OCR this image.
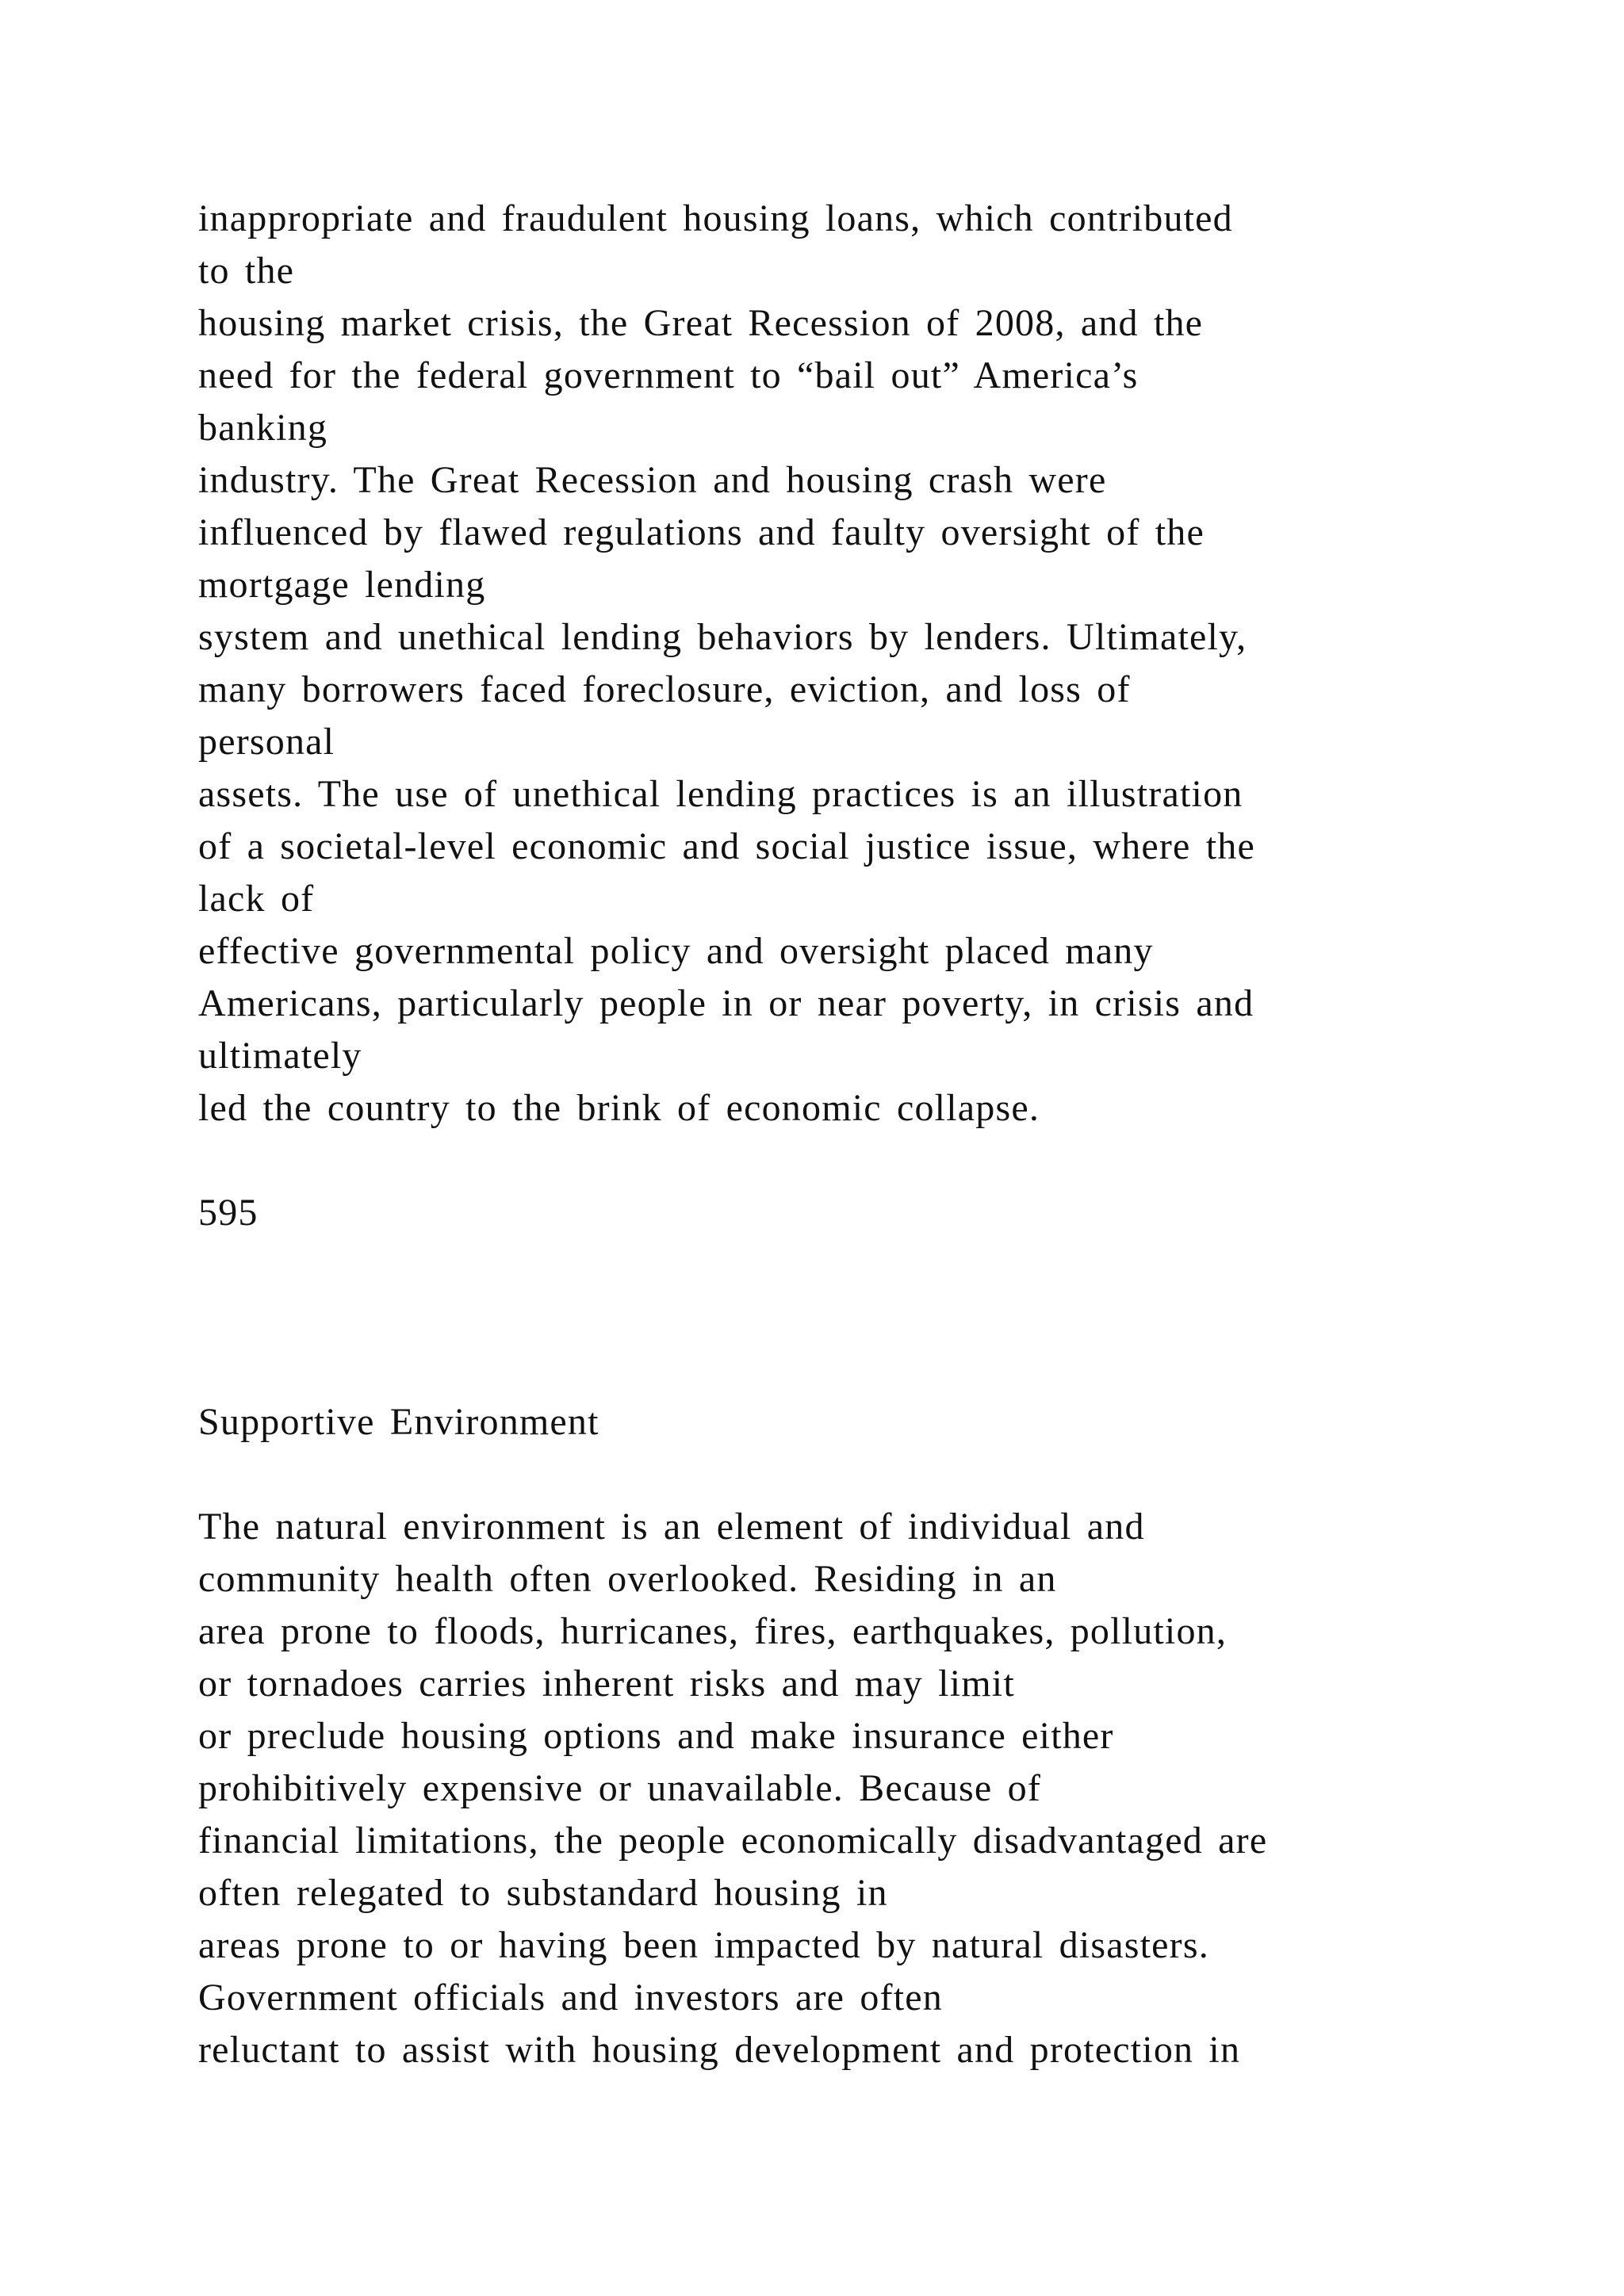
inappropriate and fraudulent housing loans, which contributed
to the
housing market crisis, the Great Recession of 2008, and the
need for the federal government to “bail out” America’s
banking
industry. The Great Recession and housing crash were
influenced by flawed regulations and faulty oversight of the
mortgage lending
system and unethical lending behaviors by lenders. Ultimately,
many borrowers faced foreclosure, eviction, and loss of
personal
assets. The use of unethical lending practices is an illustration
of a societal-level economic and social justice issue, where the
lack of
effective governmental policy and oversight placed many
Americans, particularly people in or near poverty, in crisis and
ultimately
led the country to the brink of economic collapse.
595
Supportive Environment
The natural environment is an element of individual and
community health often overlooked. Residing in an
area prone to floods, hurricanes, fires, earthquakes, pollution,
or tornadoes carries inherent risks and may limit
or preclude housing options and make insurance either
prohibitively expensive or unavailable. Because of
financial limitations, the people economically disadvantaged are
often relegated to substandard housing in
areas prone to or having been impacted by natural disasters.
Government officials and investors are often
reluctant to assist with housing development and protection in
